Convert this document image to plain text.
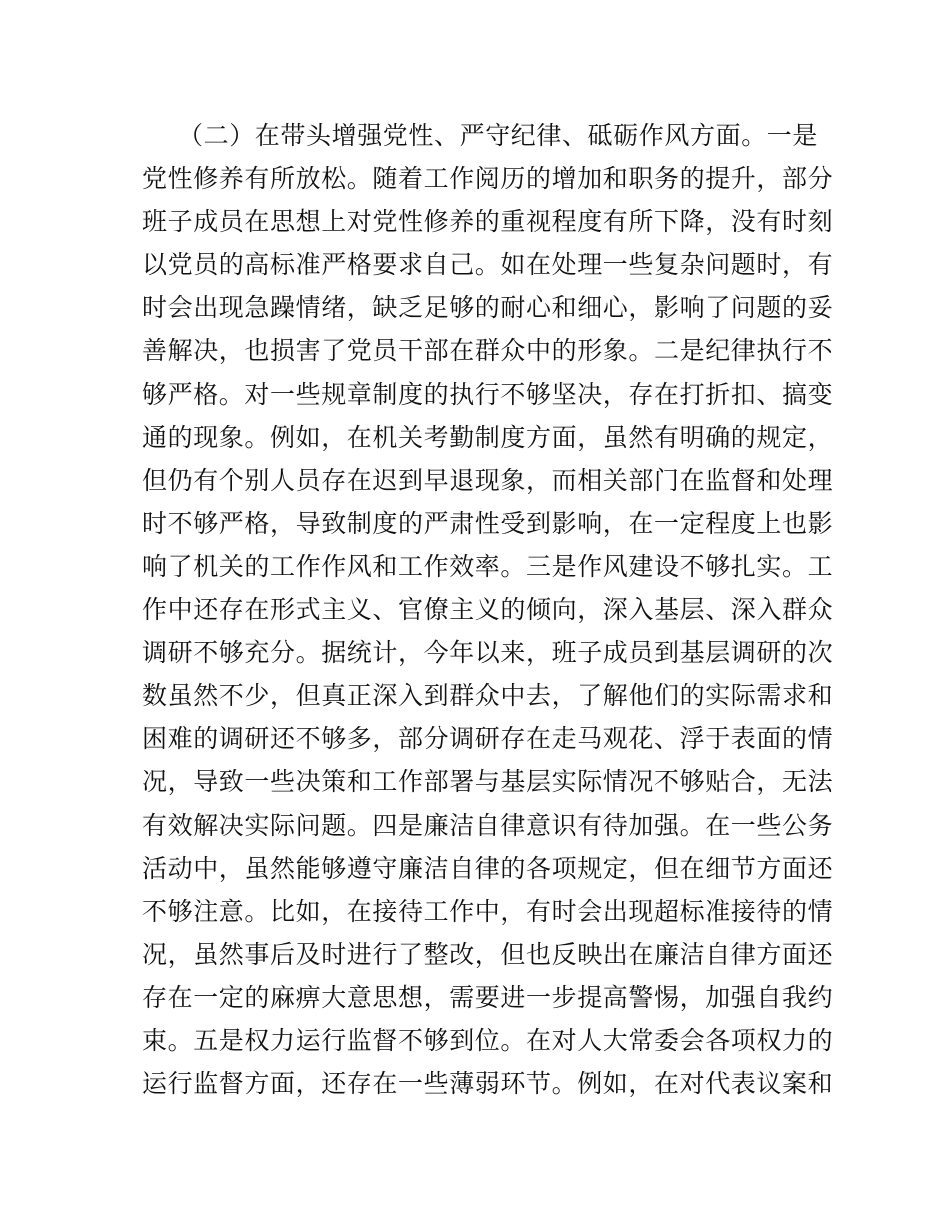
（二）在带头增强党性、严守纪律、砥砺作风方面。一是
党性修养有所放松。随着工作阅历的增加和职务的提升，部分
班子成员在思想上对党性修养的重视程度有所下降，没有时刻
以党员的高标准严格要求自己。如在处理一些复杂问题时，有
时会出现急躁情绪，缺乏足够的耐心和细心，影响了问题的妥
善解决，也损害了党员干部在群众中的形象。二是纪律执行不
够严格。对一些规章制度的执行不够坚决，存在打折扣、搞变
通的现象。例如，在机关考勤制度方面，虽然有明确的规定，
但仍有个别人员存在迟到早退现象，而相关部门在监督和处理
时不够严格，导致制度的严肃性受到影响，在一定程度上也影
响了机关的工作作风和工作效率。三是作风建设不够扎实。工
作中还存在形式主义、官僚主义的倾向，深入基层、深入群众
调研不够充分。据统计，今年以来，班子成员到基层调研的次
数虽然不少，但真正深入到群众中去，了解他们的实际需求和
困难的调研还不够多，部分调研存在走马观花、浮于表面的情
况，导致一些决策和工作部署与基层实际情况不够贴合，无法
有效解决实际问题。四是廉洁自律意识有待加强。在一些公务
活动中，虽然能够遵守廉洁自律的各项规定，但在细节方面还
不够注意。比如，在接待工作中，有时会出现超标准接待的情
况，虽然事后及时进行了整改，但也反映出在廉洁自律方面还
存在一定的麻痹大意思想，需要进一步提高警惕，加强自我约
束。五是权力运行监督不够到位。在对人大常委会各项权力的
运行监督方面，还存在一些薄弱环节。例如，在对代表议案和
